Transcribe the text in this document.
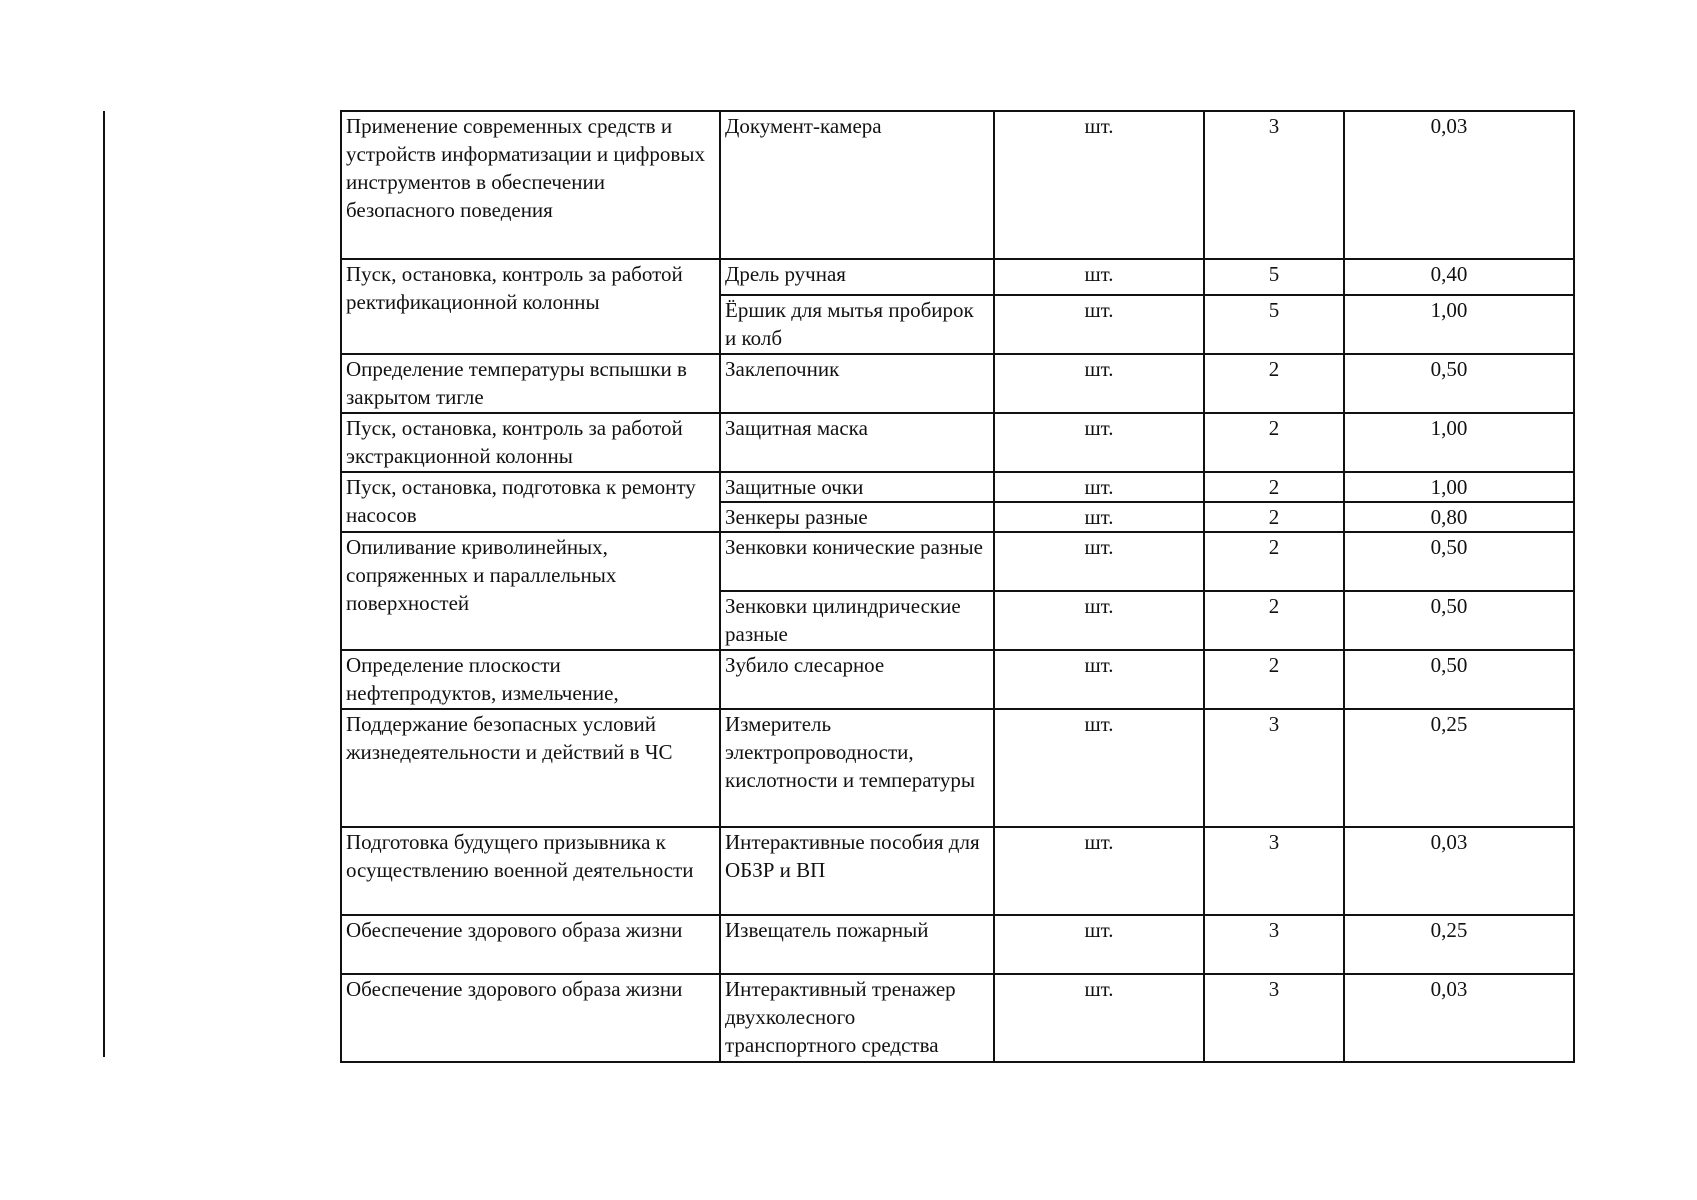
Применение современных средств и устройств информатизации и цифровых инструментов в обеспечении безопасного поведения	Документ-камера	шт.	3	0,03
Пуск, остановка, контроль за работой ректификационной колонны	Дрель ручная	шт.	5	0,40
	Ёршик для мытья пробирок и колб	шт.	5	1,00
Определение температуры вспышки в закрытом тигле	Заклепочник	шт.	2	0,50
Пуск, остановка, контроль за работой экстракционной колонны	Защитная маска	шт.	2	1,00
Пуск, остановка, подготовка к ремонту насосов	Защитные очки	шт.	2	1,00
	Зенкеры разные	шт.	2	0,80
Опиливание криволинейных, сопряженных и параллельных поверхностей	Зенковки конические разные	шт.	2	0,50
	Зенковки цилиндрические разные	шт.	2	0,50
Определение плоскости нефтепродуктов, измельчение,	Зубило слесарное	шт.	2	0,50
Поддержание безопасных условий жизнедеятельности и действий в ЧС	Измеритель электропроводности, кислотности и температуры	шт.	3	0,25
Подготовка будущего призывника к осуществлению военной деятельности	Интерактивные пособия для ОБЗР и ВП	шт.	3	0,03
Обеспечение здорового образа жизни	Извещатель пожарный	шт.	3	0,25
Обеспечение здорового образа жизни	Интерактивный тренажер двухколесного транспортного средства	шт.	3	0,03
